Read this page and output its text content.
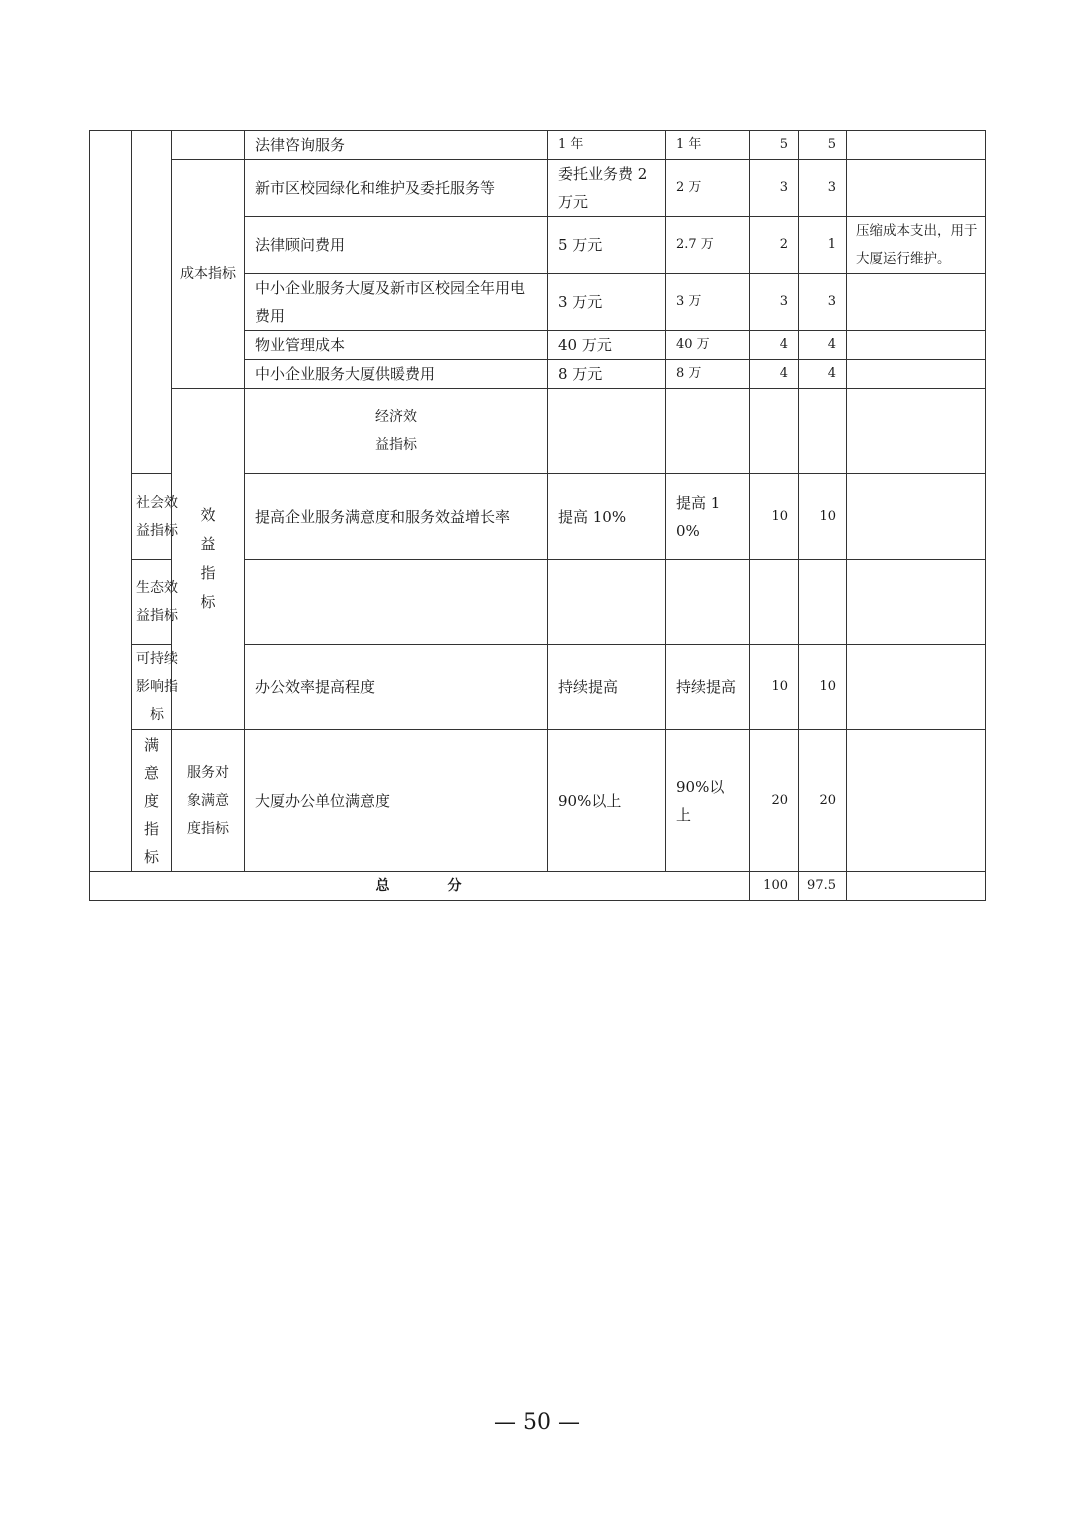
			法律咨询服务	1 年	1 年	5	5		
		成本指标	新市区校园绿化和维护及委托服务等	委托业务费 2 万元	2 万	3	3		
			法律顾问费用	5 万元	2.7 万	2	1	压缩成本支出，用于大厦运行维护。	
			中小企业服务大厦及新市区校园全年用电费用	3 万元	3 万	3	3		
			物业管理成本	40 万元	40 万	4	4		
			中小企业服务大厦供暖费用	8 万元	8 万	4	4		

		效益指标	经济效益指标						

	社会效益指标		提高企业服务满意度和服务效益增长率	提高 10%	提高 10%	10	10		

	生态效益指标								

	可持续影响指标		办公效率提高程度	持续提高	持续提高	10	10		

	满意度指标	服务对象满意度指标	大厦办公单位满意度	90%以上	90%以上	20	20		
总 分						100	97.5		
— 50 —
